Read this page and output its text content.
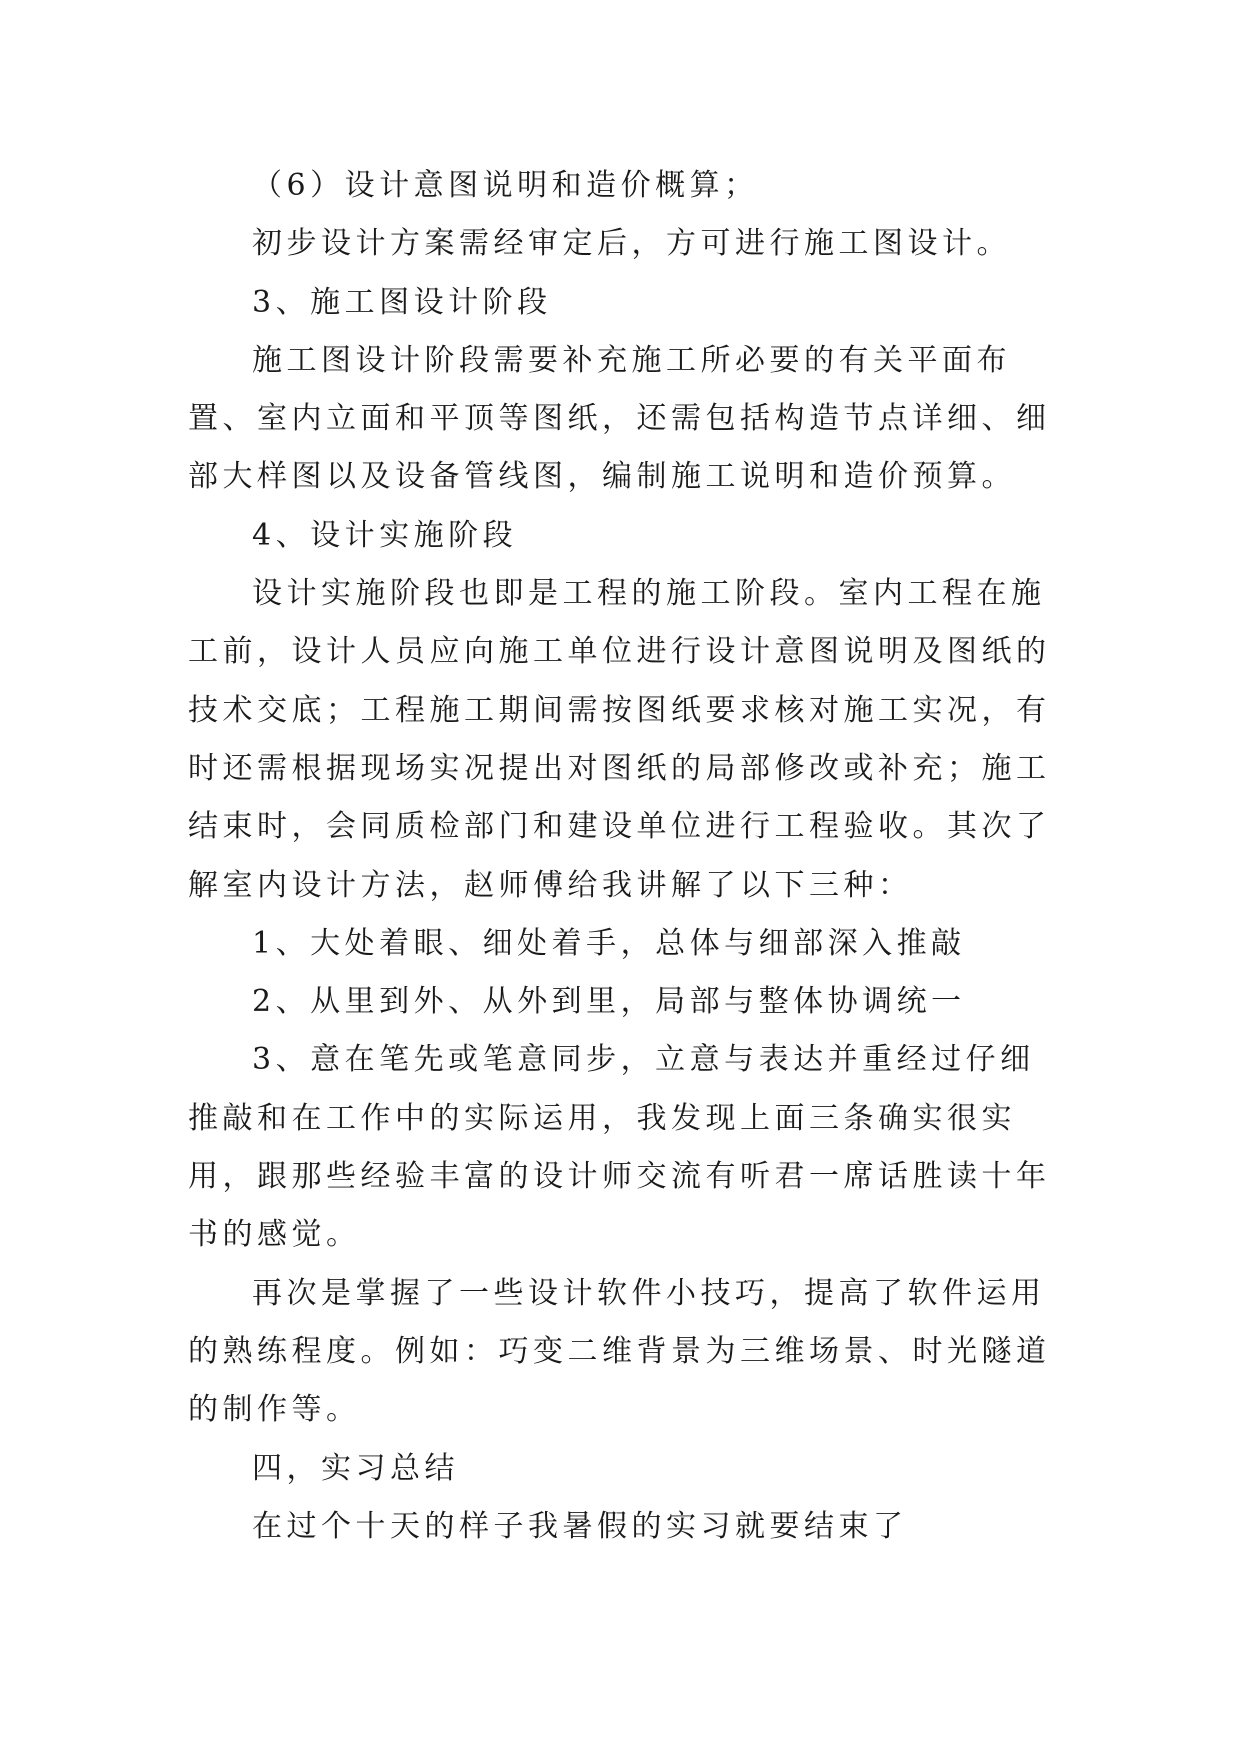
（6）设计意图说明和造价概算；

初步设计方案需经审定后，方可进行施工图设计。

3、施工图设计阶段

施工图设计阶段需要补充施工所必要的有关平面布置、室内立面和平顶等图纸，还需包括构造节点详细、细部大样图以及设备管线图，编制施工说明和造价预算。

4、设计实施阶段

设计实施阶段也即是工程的施工阶段。室内工程在施工前，设计人员应向施工单位进行设计意图说明及图纸的技术交底；工程施工期间需按图纸要求核对施工实况，有时还需根据现场实况提出对图纸的局部修改或补充；施工结束时，会同质检部门和建设单位进行工程验收。其次了解室内设计方法，赵师傅给我讲解了以下三种：

1、大处着眼、细处着手，总体与细部深入推敲

2、从里到外、从外到里，局部与整体协调统一

3、意在笔先或笔意同步，立意与表达并重经过仔细推敲和在工作中的实际运用，我发现上面三条确实很实用，跟那些经验丰富的设计师交流有听君一席话胜读十年书的感觉。

再次是掌握了一些设计软件小技巧，提高了软件运用的熟练程度。例如：巧变二维背景为三维场景、时光隧道的制作等。

四，实习总结

在过个十天的样子我暑假的实习就要结束了
